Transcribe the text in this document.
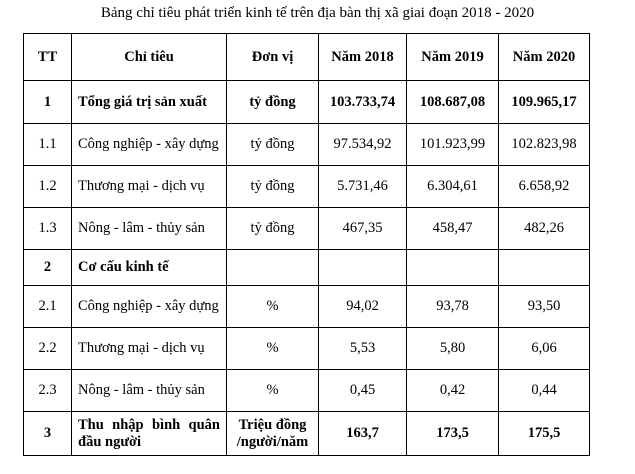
Bảng chỉ tiêu phát triển kinh tế trên địa bàn thị xã giai đoạn 2018 - 2020
TT	Chỉ tiêu	Đơn vị	Năm 2018	Năm 2019	Năm 2020
1	Tổng giá trị sản xuất	tỷ đồng	103.733,74	108.687,08	109.965,17
1.1	Công nghiệp - xây dựng	tỷ đồng	97.534,92	101.923,99	102.823,98
1.2	Thương mại - dịch vụ	tỷ đồng	5.731,46	6.304,61	6.658,92
1.3	Nông - lâm - thủy sản	tỷ đồng	467,35	458,47	482,26
2	Cơ cấu kinh tế				
2.1	Công nghiệp - xây dựng	%	94,02	93,78	93,50
2.2	Thương mại - dịch vụ	%	5,53	5,80	6,06
2.3	Nông - lâm - thủy sản	%	0,45	0,42	0,44
3	Thu nhập bình quân đầu người	Triệu đồng /người/năm	163,7	173,5	175,5
